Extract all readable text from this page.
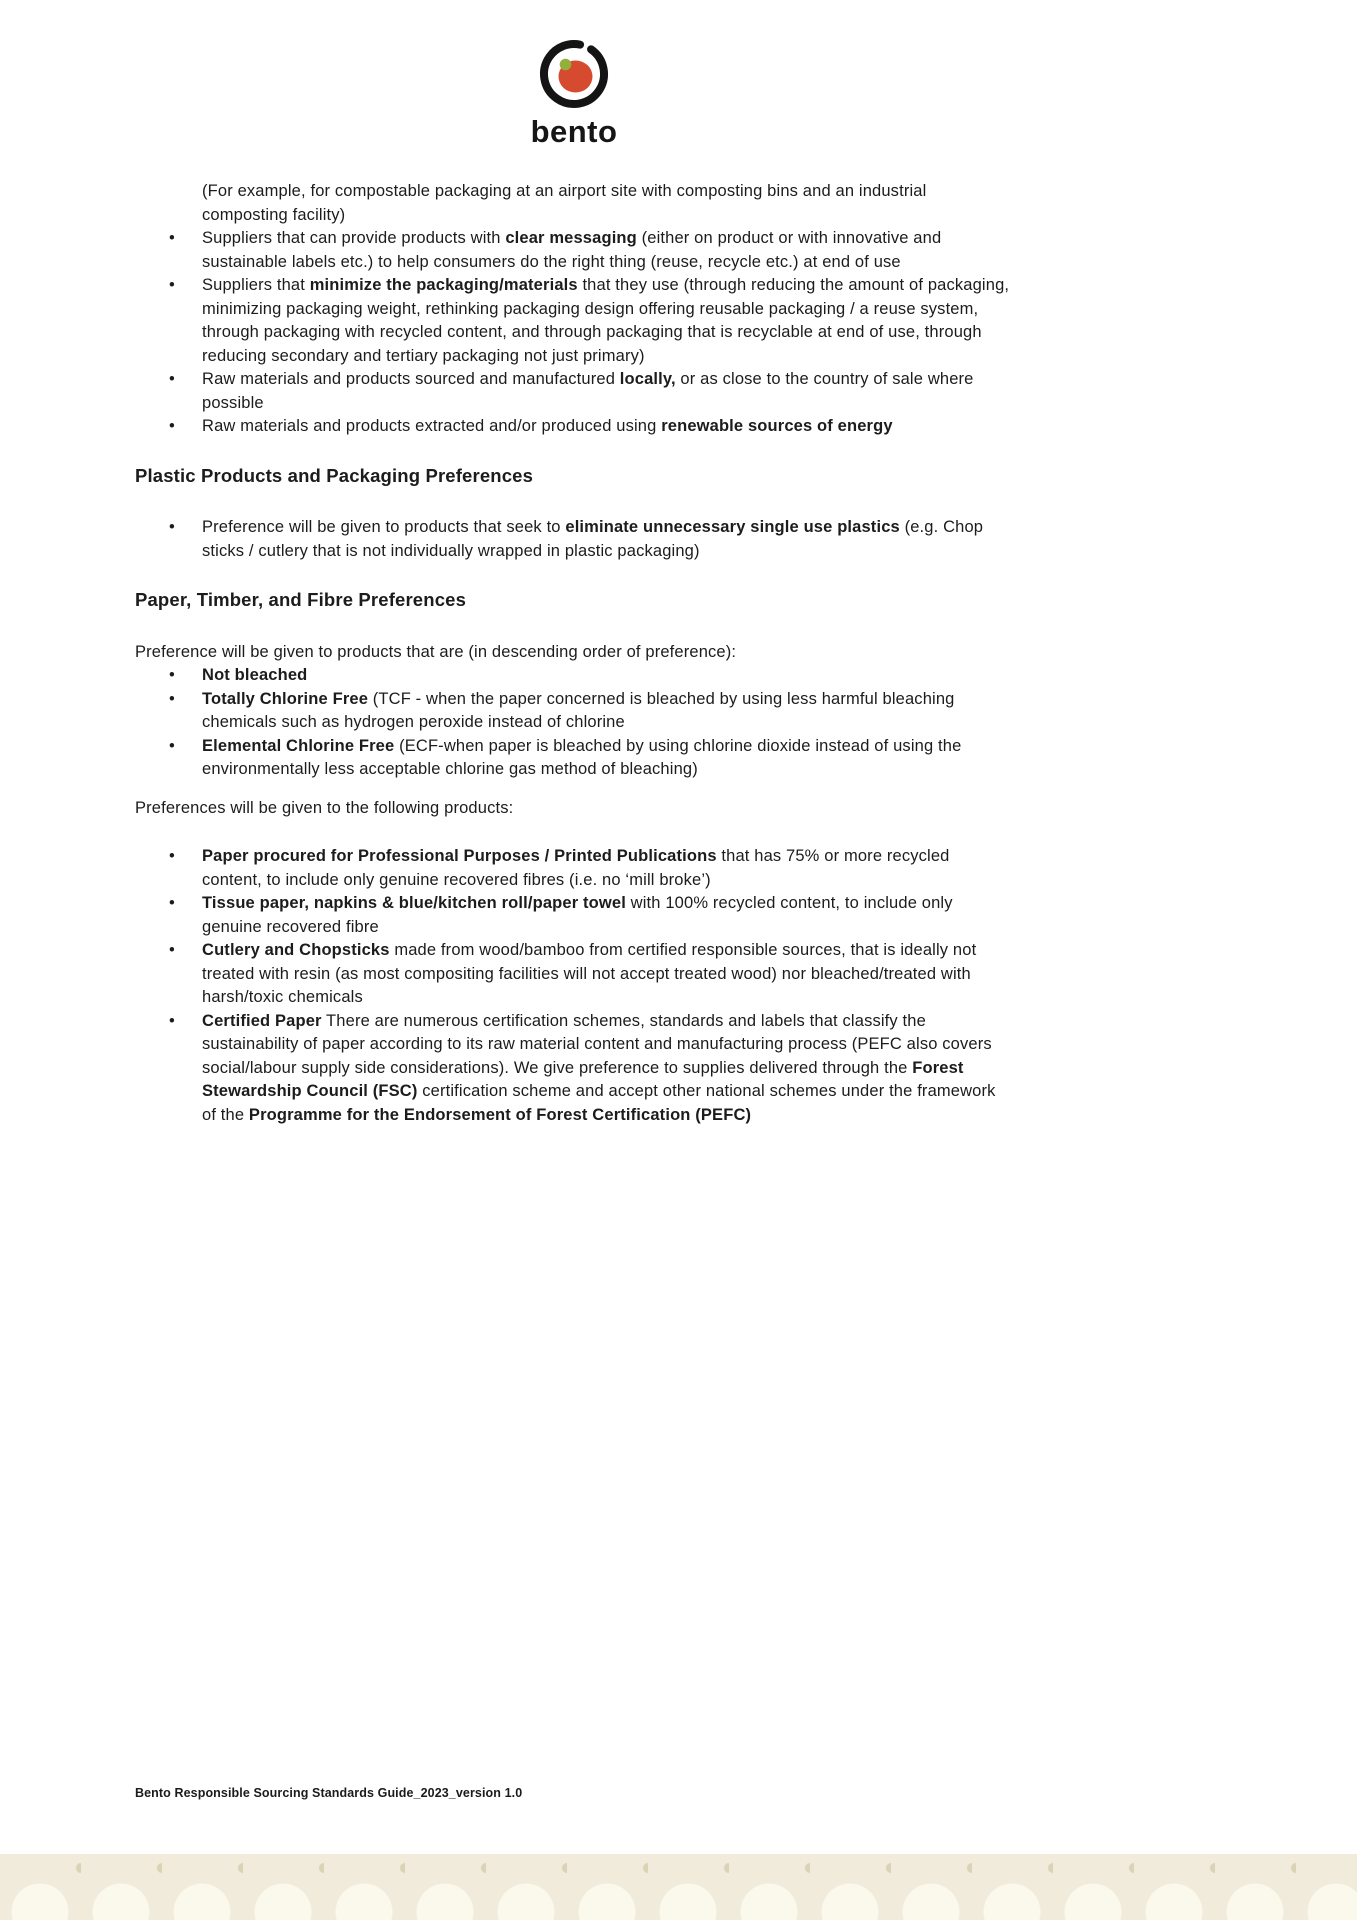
bento
(For example, for compostable packaging at an airport site with composting bins and an industrial composting facility)
• Suppliers that can provide products with clear messaging (either on product or with innovative and sustainable labels etc.) to help consumers do the right thing (reuse, recycle etc.) at end of use
• Suppliers that minimize the packaging/materials that they use (through reducing the amount of packaging, minimizing packaging weight, rethinking packaging design offering reusable packaging / a reuse system, through packaging with recycled content, and through packaging that is recyclable at end of use, through reducing secondary and tertiary packaging not just primary)
• Raw materials and products sourced and manufactured locally, or as close to the country of sale where possible
• Raw materials and products extracted and/or produced using renewable sources of energy
Plastic Products and Packaging Preferences
• Preference will be given to products that seek to eliminate unnecessary single use plastics (e.g. Chop sticks / cutlery that is not individually wrapped in plastic packaging)
Paper, Timber, and Fibre Preferences
Preference will be given to products that are (in descending order of preference):
• Not bleached
• Totally Chlorine Free (TCF - when the paper concerned is bleached by using less harmful bleaching chemicals such as hydrogen peroxide instead of chlorine
• Elemental Chlorine Free (ECF-when paper is bleached by using chlorine dioxide instead of using the environmentally less acceptable chlorine gas method of bleaching)
Preferences will be given to the following products:
• Paper procured for Professional Purposes / Printed Publications that has 75% or more recycled content, to include only genuine recovered fibres (i.e. no ‘mill broke’)
• Tissue paper, napkins & blue/kitchen roll/paper towel with 100% recycled content, to include only genuine recovered fibre
• Cutlery and Chopsticks made from wood/bamboo from certified responsible sources, that is ideally not treated with resin (as most compositing facilities will not accept treated wood) nor bleached/treated with harsh/toxic chemicals
• Certified Paper There are numerous certification schemes, standards and labels that classify the sustainability of paper according to its raw material content and manufacturing process (PEFC also covers social/labour supply side considerations). We give preference to supplies delivered through the Forest Stewardship Council (FSC) certification scheme and accept other national schemes under the framework of the Programme for the Endorsement of Forest Certification (PEFC)
Bento Responsible Sourcing Standards Guide_2023_version 1.0
